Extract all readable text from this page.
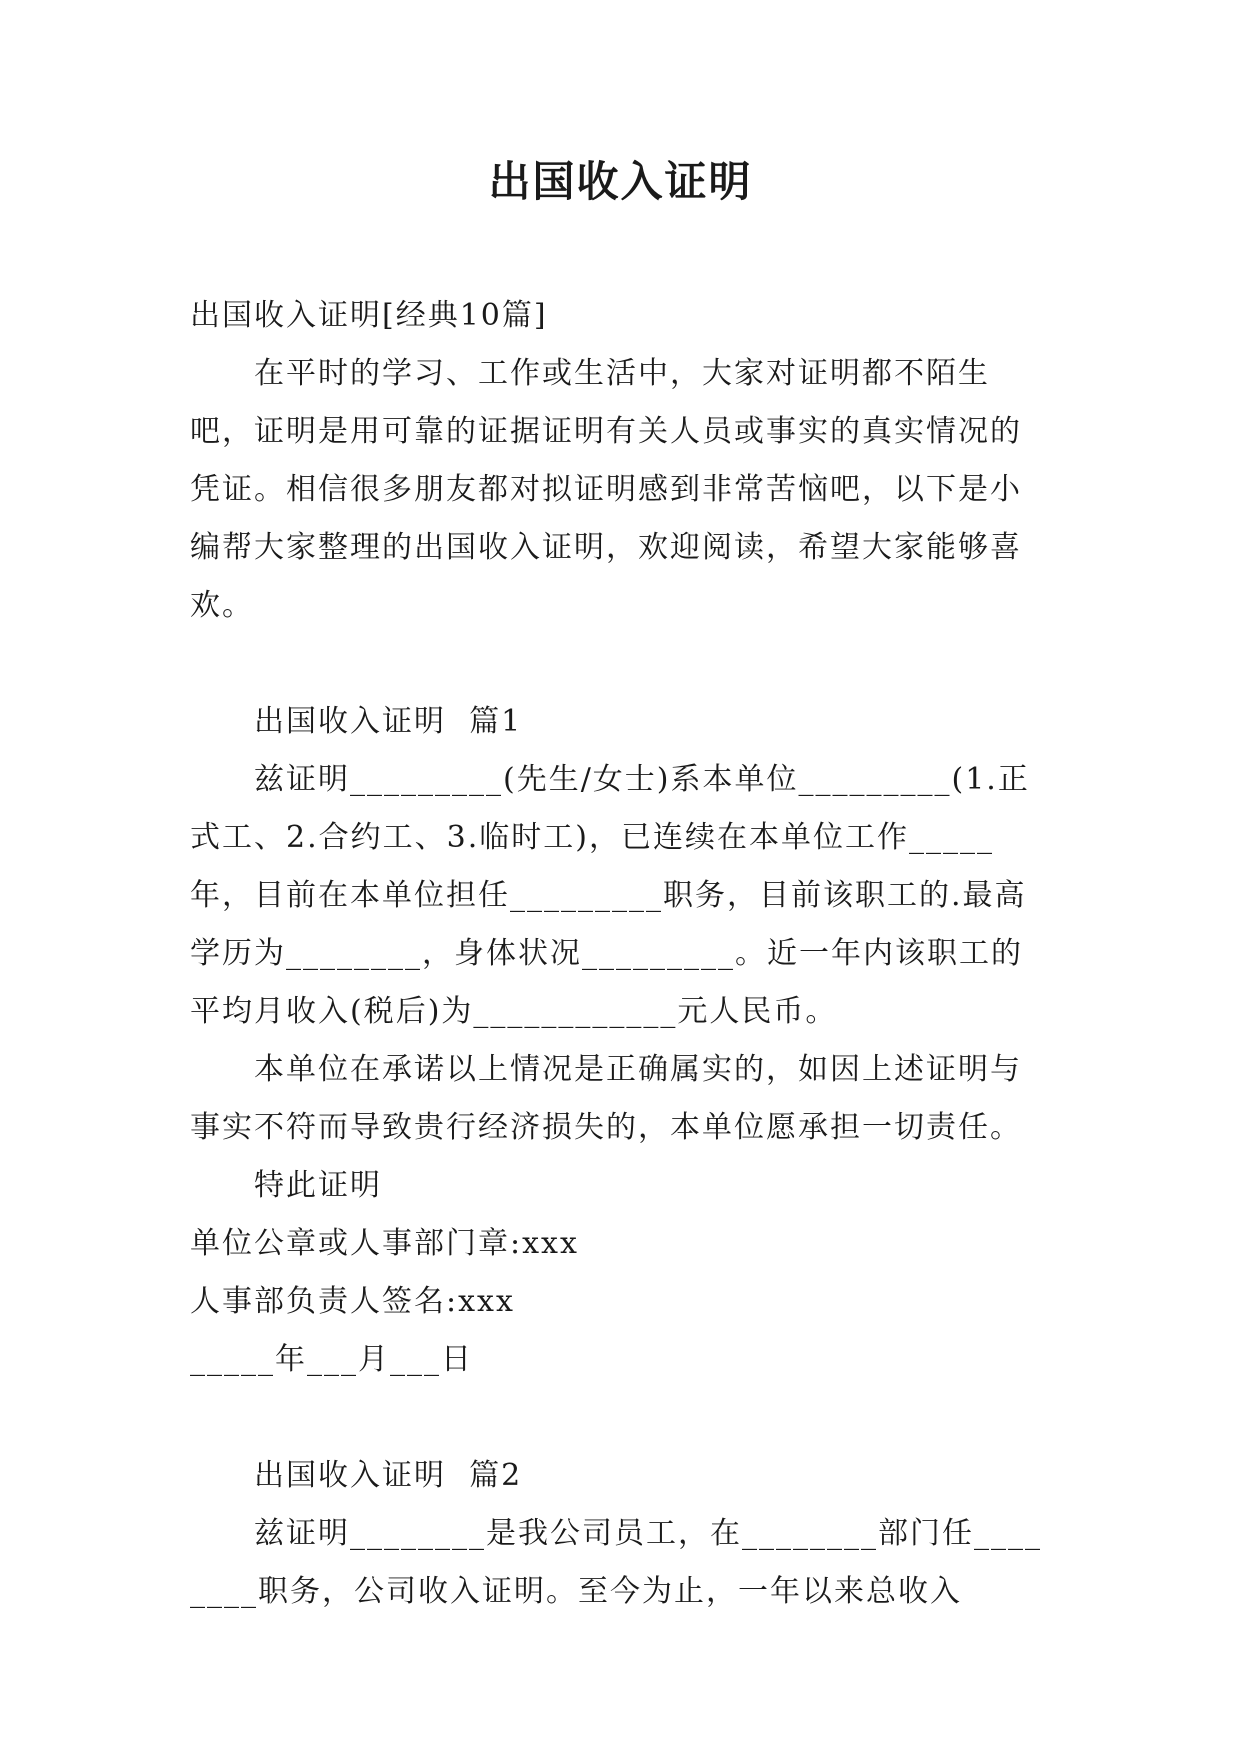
出国收入证明

出国收入证明[经典10篇]

在平时的学习、工作或生活中，大家对证明都不陌生吧，证明是用可靠的证据证明有关人员或事实的真实情况的凭证。相信很多朋友都对拟证明感到非常苦恼吧，以下是小编帮大家整理的出国收入证明，欢迎阅读，希望大家能够喜欢。

出国收入证明  篇1

兹证明_________(先生/女士)系本单位_________(1.正式工、2.合约工、3.临时工)，已连续在本单位工作_____年，目前在本单位担任_________职务，目前该职工的.最高学历为________，身体状况_________。近一年内该职工的平均月收入(税后)为____________元人民币。

本单位在承诺以上情况是正确属实的，如因上述证明与事实不符而导致贵行经济损失的，本单位愿承担一切责任。

特此证明

单位公章或人事部门章:xxx

人事部负责人签名:xxx

_____年___月___日

出国收入证明  篇2

兹证明________是我公司员工，在________部门任________职务，公司收入证明。至今为止，一年以来总收入
